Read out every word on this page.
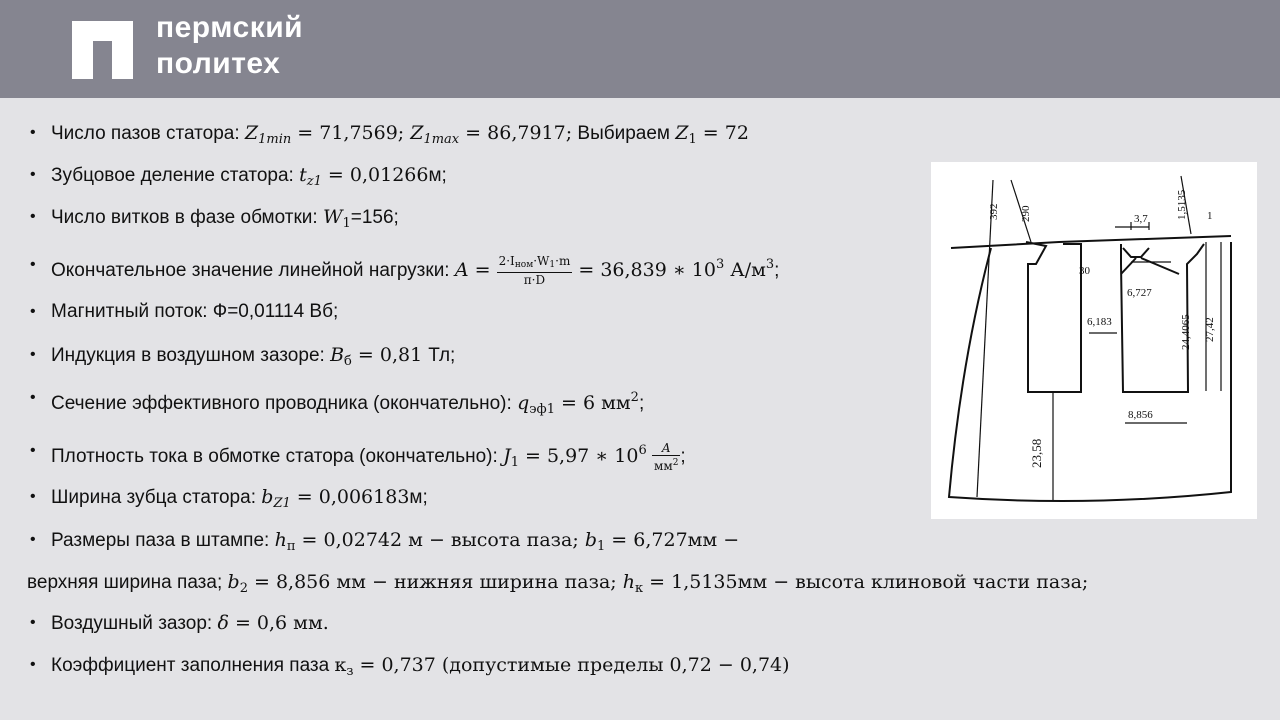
пермский
политех
• Число пазов статора: $Z_{1min} = 71,7569$; $Z_{1max} = 86,7917$; Выбираем $Z_1 = 72$
• Зубцовое деление статора: $t_{z1} = 0,01266м$;
• Число витков в фазе обмотки: $W_1=156$;
• Окончательное значение линейной нагрузки: $A = \frac{\text{2·Iном·W1·m}}{\pi\cdot D} = 36,839$ ∗ $10^3$ $А/м^3$;
• Магнитный поток: Ф=0,01114 Вб;
• Индукция в воздушном зазоре: $B_б = 0,81$ Тл;
• Сечение эффективного проводника (окончательно): $q_{эф1} = 6$ $мм^2$;
• Плотность тока в обмотке статора (окончательно): $J_1 = 5,97$ ∗ $10^6 \frac{A}{мм^2}$ ;
• Ширина зубца статора: $b_{Z1} = 0,006183м$;
• Размеры паза в штампе: $h_п = 0,02742$ м − высота паза; $b_1 = 6,727мм$ −
верхняя ширина паза; $b_2 = 8,856$ мм − нижняя ширина паза; $h_к = 1,5135мм$ − высота клиновой части паза;
• Воздушный зазор: δ = 0,6 мм.
• Коэффициент заполнения паза $к_з = 0,737$ (допустимые пределы 0,72 − 0,74)
392 290	1,5135 1
3,7
30
6,727
6,183	24,4065 27,42
8,856
23,58
